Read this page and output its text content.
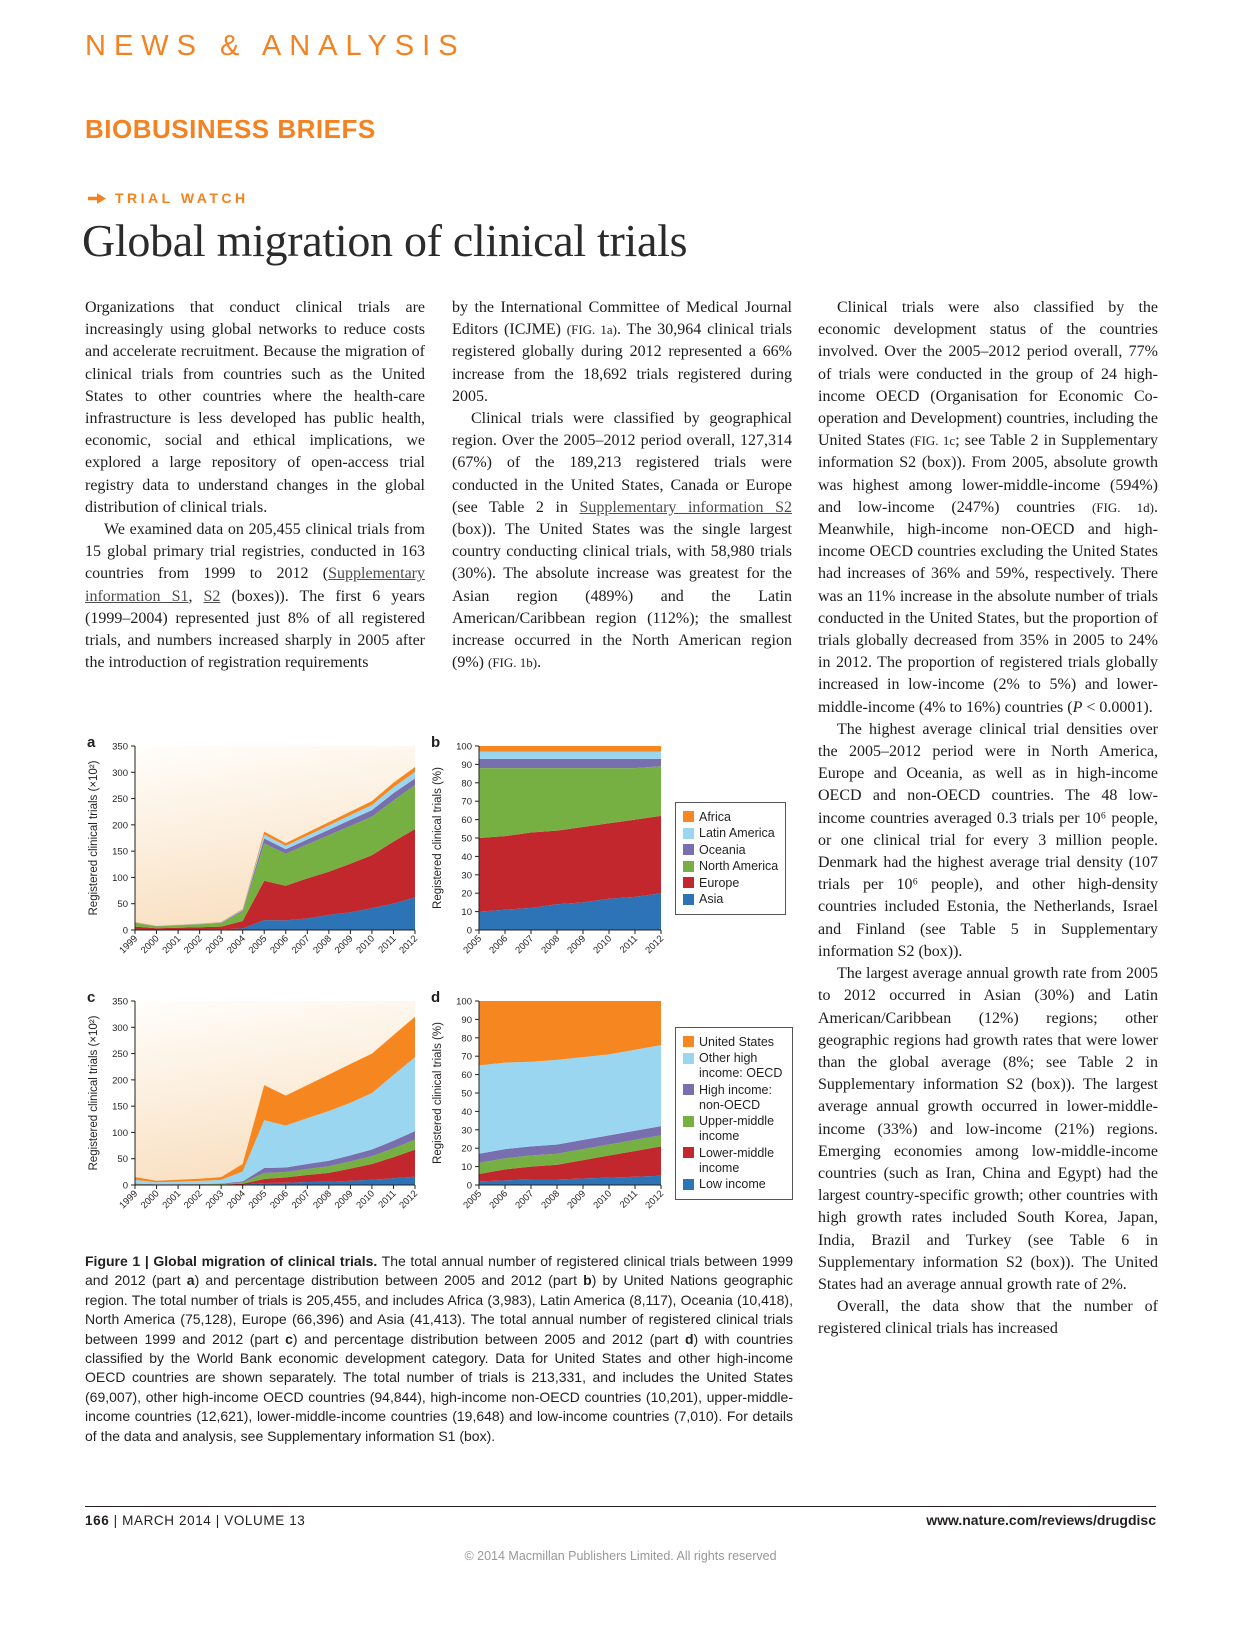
NEWS & ANALYSIS
BIOBUSINESS BRIEFS
TRIAL WATCH
Global migration of clinical trials

Organizations that conduct clinical trials are increasingly using global networks to reduce costs and accelerate recruitment. Because the migration of clinical trials from countries such as the United States to other countries where the health-care infrastructure is less developed has public health, economic, social and ethical implications, we explored a large repository of open-access trial registry data to understand changes in the global distribution of clinical trials.

We examined data on 205,455 clinical trials from 15 global primary trial registries, conducted in 163 countries from 1999 to 2012 (Supplementary information S1, S2 (boxes)). The first 6 years (1999–2004) represented just 8% of all registered trials, and numbers increased sharply in 2005 after the introduction of registration requirements

by the International Committee of Medical Journal Editors (ICJME) (FIG. 1a). The 30,964 clinical trials registered globally during 2012 represented a 66% increase from the 18,692 trials registered during 2005.

Clinical trials were classified by geographical region. Over the 2005–2012 period overall, 127,314 (67%) of the 189,213 registered trials were conducted in the United States, Canada or Europe (see Table 2 in Supplementary information S2 (box)). The United States was the single largest country conducting clinical trials, with 58,980 trials (30%). The absolute increase was greatest for the Asian region (489%) and the Latin American/Caribbean region (112%); the smallest increase occurred in the North American region (9%) (FIG. 1b).

Clinical trials were also classified by the economic development status of the countries involved. Over the 2005–2012 period overall, 77% of trials were conducted in the group of 24 high-income OECD (Organisation for Economic Co-operation and Development) countries, including the United States (FIG. 1c; see Table 2 in Supplementary information S2 (box)). From 2005, absolute growth was highest among lower-middle-income (594%) and low-income (247%) countries (FIG. 1d). Meanwhile, high-income non-OECD and high-income OECD countries excluding the United States had increases of 36% and 59%, respectively. There was an 11% increase in the absolute number of trials conducted in the United States, but the proportion of trials globally decreased from 35% in 2005 to 24% in 2012. The proportion of registered trials globally increased in low-income (2% to 5%) and lower-middle-income (4% to 16%) countries (P < 0.0001).

The highest average clinical trial densities over the 2005–2012 period were in North America, Europe and Oceania, as well as in high-income OECD and non-OECD countries. The 48 low-income countries averaged 0.3 trials per 10⁶ people, or one clinical trial for every 3 million people. Denmark had the highest average trial density (107 trials per 10⁶ people), and other high-density countries included Estonia, the Netherlands, Israel and Finland (see Table 5 in Supplementary information S2 (box)).

The largest average annual growth rate from 2005 to 2012 occurred in Asian (30%) and Latin American/Caribbean (12%) regions; other geographic regions had growth rates that were lower than the global average (8%; see Table 2 in Supplementary information S2 (box)). The largest average annual growth occurred in lower-middle-income (33%) and low-income (21%) regions. Emerging economies among low-middle-income countries (such as Iran, China and Egypt) had the largest country-specific growth; other countries with high growth rates included South Korea, Japan, India, Brazil and Turkey (see Table 6 in Supplementary information S2 (box)). The United States had an average annual growth rate of 2%.

Overall, the data show that the number of registered clinical trials has increased

a
0
50
100
150
200
250
300
350
1999
2000
2001
2002
2003
2004
2005
2006
2007
2008
2009
2010 2011
2012
Registered clinical trials (×10²)
b
0
10
20
30
40
50
60
70
80
90
100
2005 2006 2007 2008 2009 2010 2011 2012
Registered clinical trials (%)	Africa
Latin America
Oceania
North America
Europe
Asia
c
0
50
100
150
200
250
300
350
1999
2000
2001
2002
2003
2004
2005
2006
2007
2008
2009
2010 2011
2012
Registered clinical trials (×10²)
d
0
10
20
30
40
50
60
70
80
90
100
2005 2006 2007 2008 2009 2010 2011 2012
Registered clinical trials (%)	United States
Other high income: OECD
High income: non-OECD
Upper-middle income
Lower-middle income
Low income
Figure 1 | Global migration of clinical trials. The total annual number of registered clinical trials between 1999 and 2012 (part a) and percentage distribution between 2005 and 2012 (part b) by United Nations geographic region. The total number of trials is 205,455, and includes Africa (3,983), Latin America (8,117), Oceania (10,418), North America (75,128), Europe (66,396) and Asia (41,413). The total annual number of registered clinical trials between 1999 and 2012 (part c) and percentage distribution between 2005 and 2012 (part d) with countries classified by the World Bank economic development category. Data for United States and other high-income OECD countries are shown separately. The total number of trials is 213,331, and includes the United States (69,007), other high-income OECD countries (94,844), high-income non-OECD countries (10,201), upper-middle-income countries (12,621), lower-middle-income countries (19,648) and low-income countries (7,010). For details of the data and analysis, see Supplementary information S1 (box).
166 | MARCH 2014 | VOLUME 13	www.nature.com/reviews/drugdisc
© 2014 Macmillan Publishers Limited. All rights reserved
